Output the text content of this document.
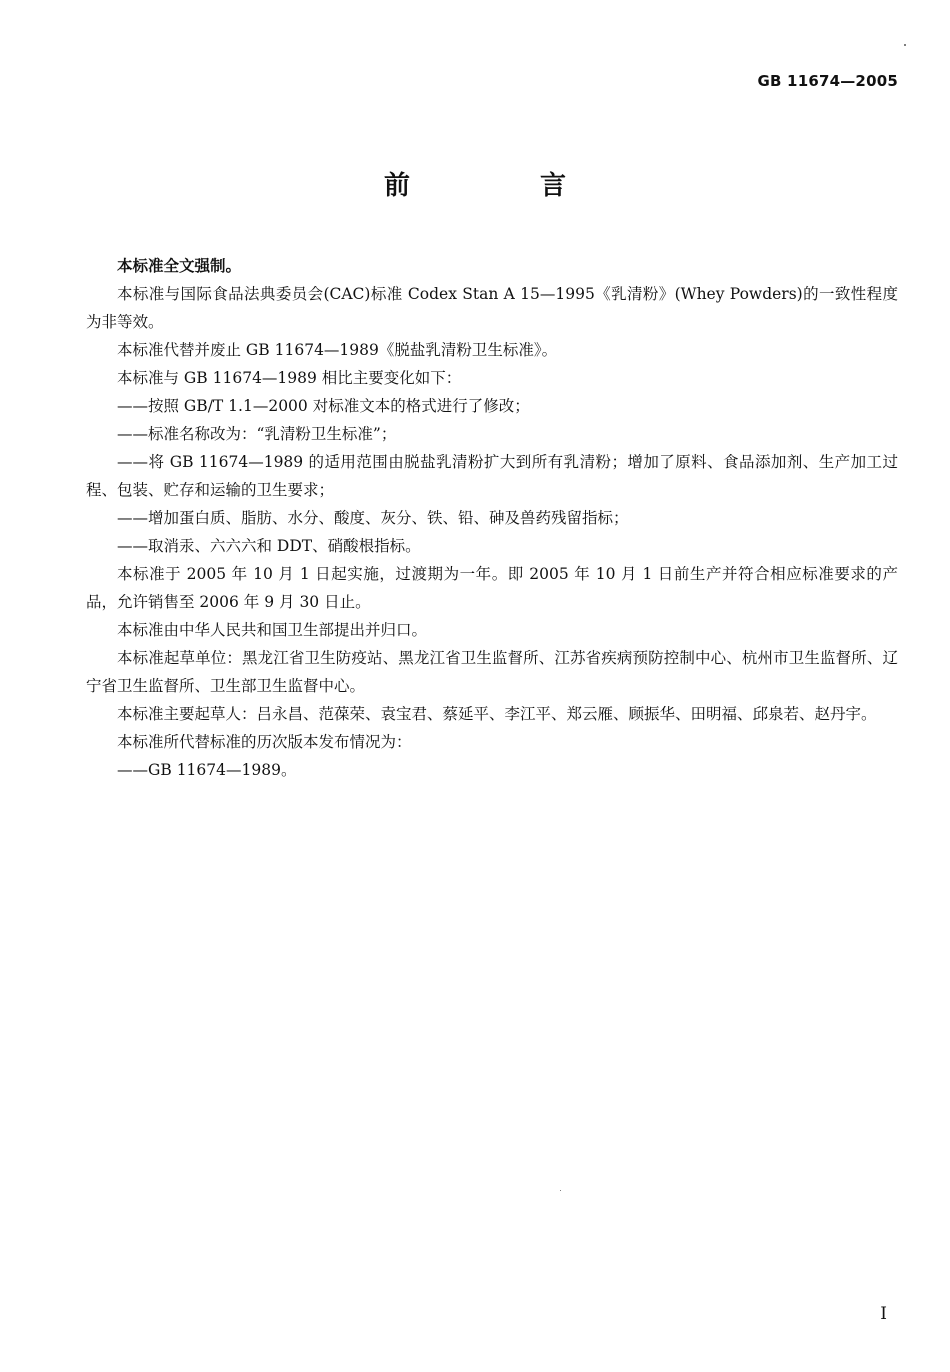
GB 11674—2005
前　言

本标准全文强制。

本标准与国际食品法典委员会(CAC)标准 Codex Stan A 15—1995《乳清粉》(Whey Powders)的一致性程度为非等效。

本标准代替并废止 GB 11674—1989《脱盐乳清粉卫生标准》。

本标准与 GB 11674—1989 相比主要变化如下：

——按照 GB/T 1.1—2000 对标准文本的格式进行了修改；

——标准名称改为：“乳清粉卫生标准”；

——将 GB 11674—1989 的适用范围由脱盐乳清粉扩大到所有乳清粉；增加了原料、食品添加剂、生产加工过程、包装、贮存和运输的卫生要求；

——增加蛋白质、脂肪、水分、酸度、灰分、铁、铅、砷及兽药残留指标；

——取消汞、六六六和 DDT、硝酸根指标。

本标准于 2005 年 10 月 1 日起实施，过渡期为一年。即 2005 年 10 月 1 日前生产并符合相应标准要求的产品，允许销售至 2006 年 9 月 30 日止。

本标准由中华人民共和国卫生部提出并归口。

本标准起草单位：黑龙江省卫生防疫站、黑龙江省卫生监督所、江苏省疾病预防控制中心、杭州市卫生监督所、辽宁省卫生监督所、卫生部卫生监督中心。

本标准主要起草人：吕永昌、范葆荣、袁宝君、蔡延平、李江平、郑云雁、顾振华、田明福、邱泉若、赵丹宇。

本标准所代替标准的历次版本发布情况为：

——GB 11674—1989。

I
